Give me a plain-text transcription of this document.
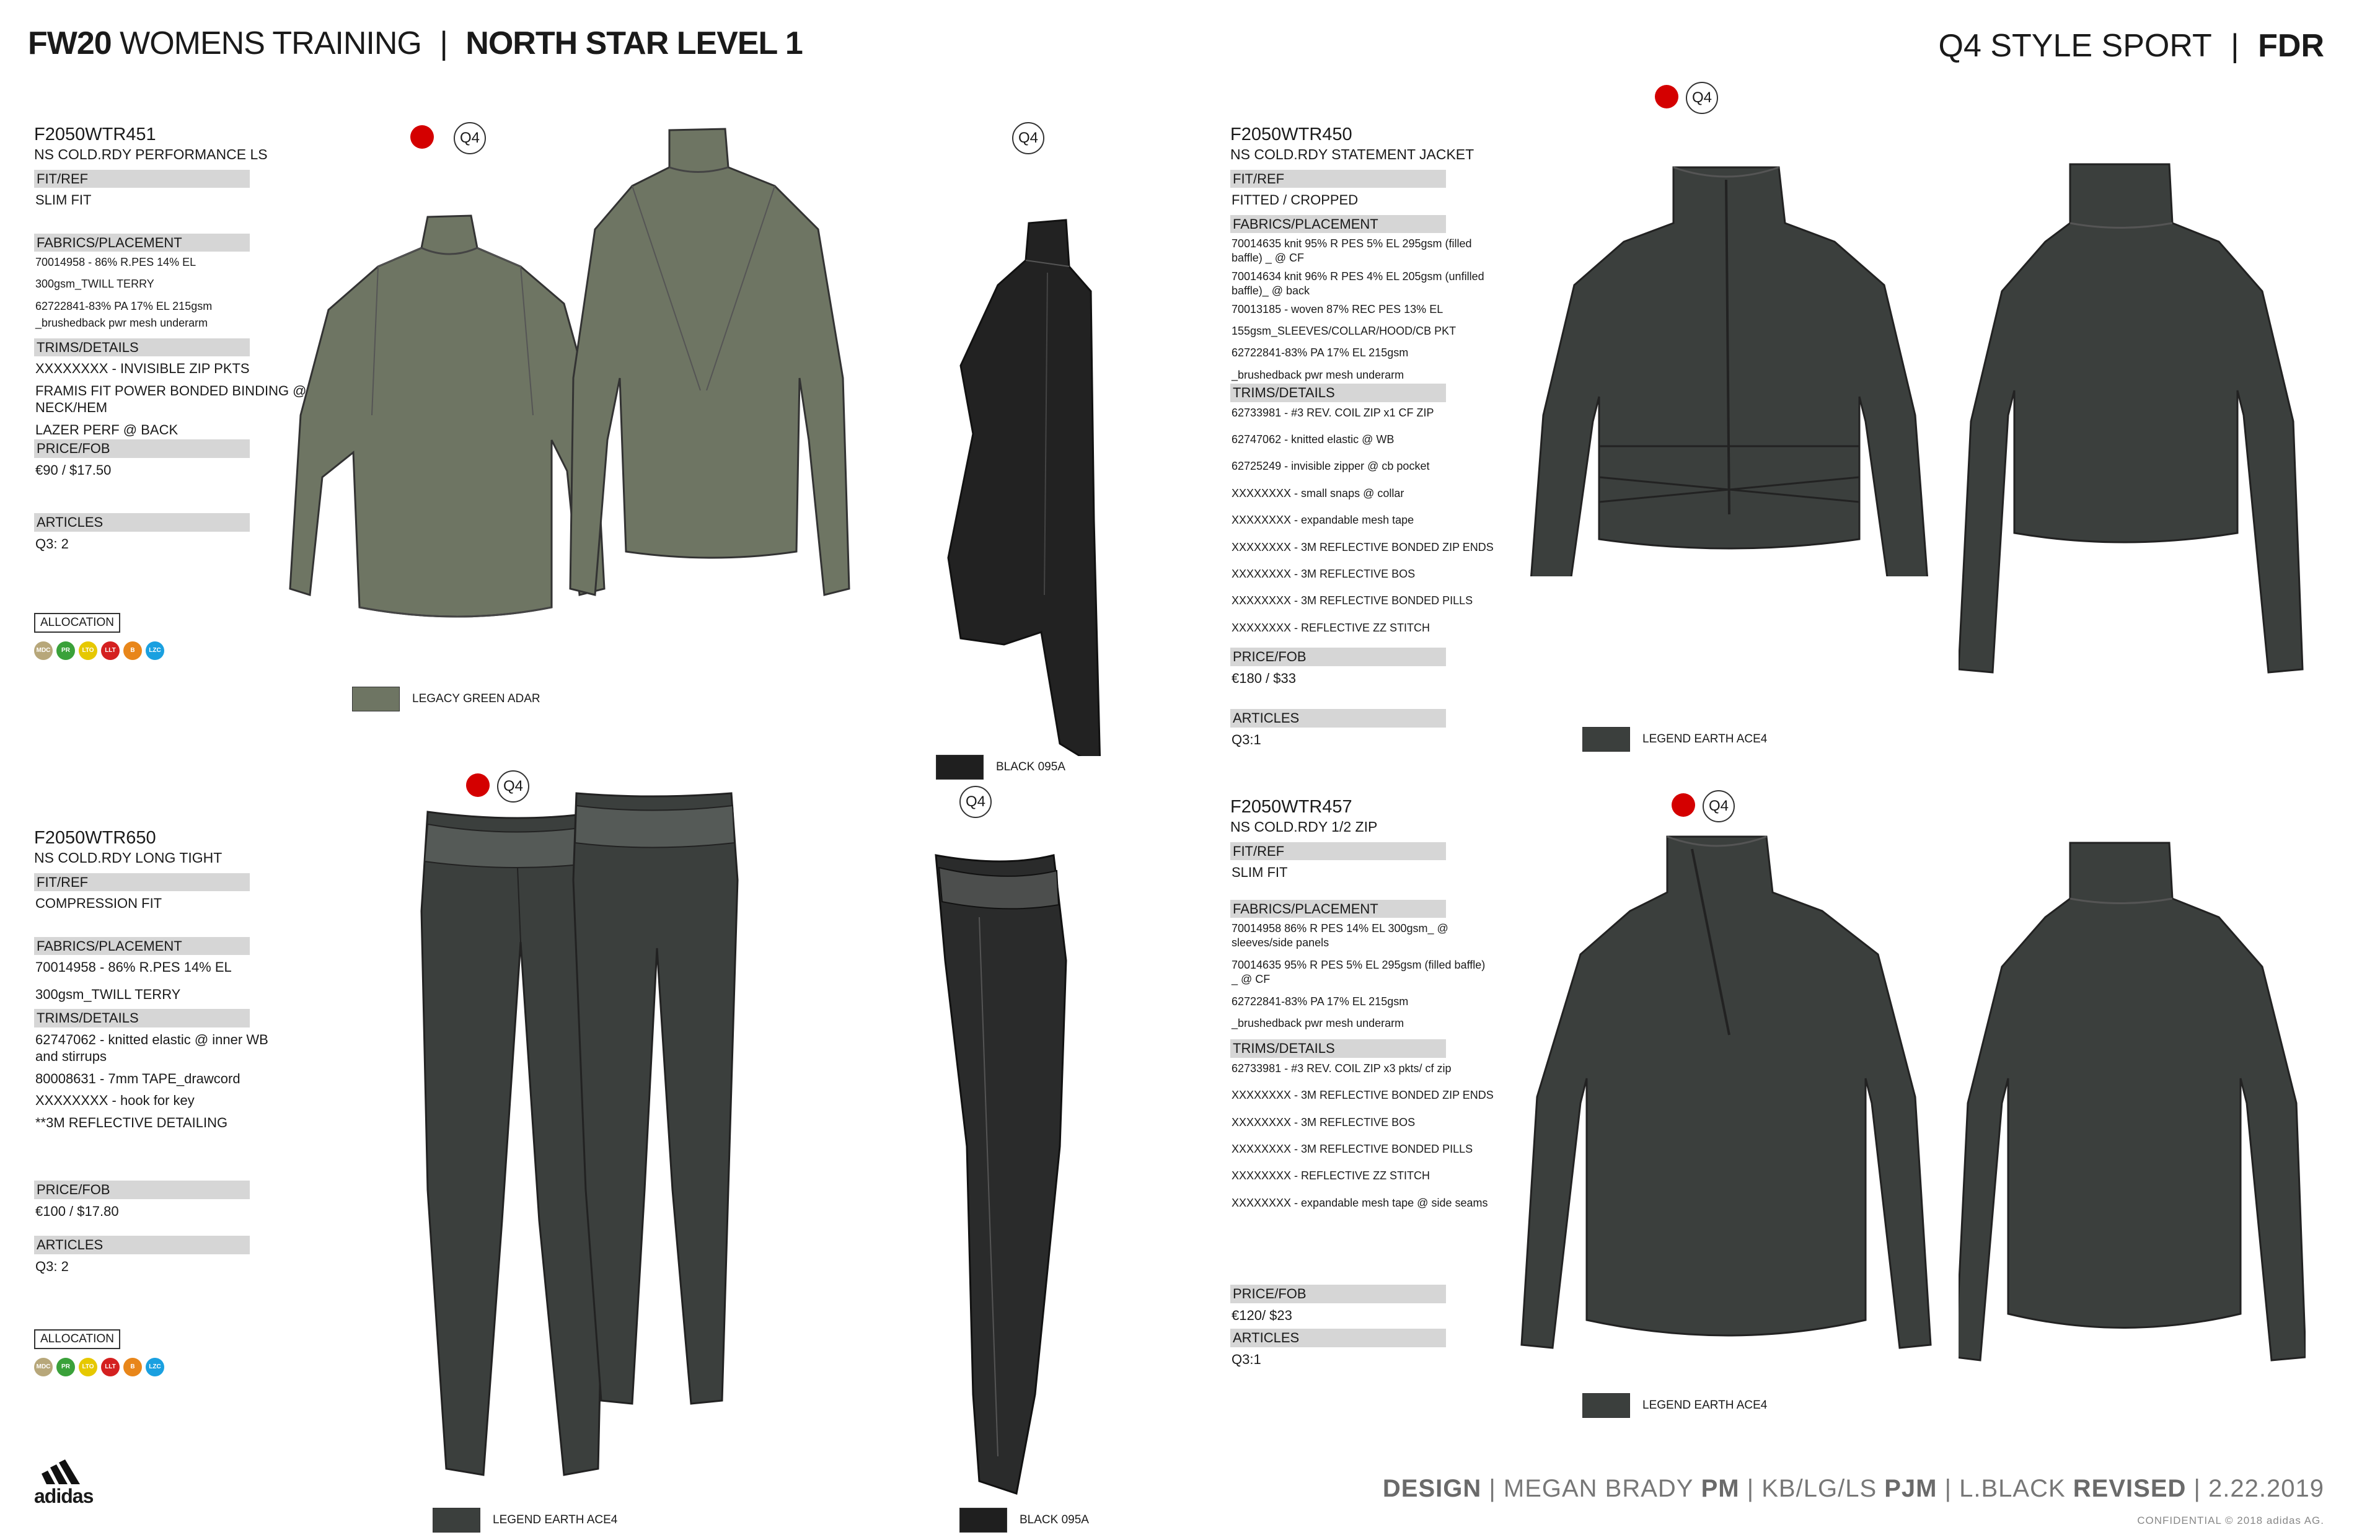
FW20 WOMENS TRAINING | NORTH STAR LEVEL 1	Q4 STYLE SPORT | FDR
F2050WTR451
NS COLD.RDY PERFORMANCE LS
FIT/REF
SLIM FIT
FABRICS/PLACEMENT
70014958 - 86% R.PES 14% EL
300gsm_TWILL TERRY
62722841-83% PA 17% EL 215gsm
_brushedback pwr mesh underarm
TRIMS/DETAILS
XXXXXXXX - INVISIBLE ZIP PKTS
FRAMIS FIT POWER BONDED BINDING @ NECK/HEM
LAZER PERF @ BACK
PRICE/FOB
€90 / $17.50
ARTICLES
Q3: 2
ALLOCATION
MDC	PR	LTO	LLT	B	LZC
F2050WTR650
NS COLD.RDY LONG TIGHT
FIT/REF
COMPRESSION FIT
FABRICS/PLACEMENT
70014958 - 86% R.PES 14% EL
300gsm_TWILL TERRY
TRIMS/DETAILS
62747062 - knitted elastic @ inner WB and stirrups
80008631 - 7mm TAPE_drawcord
XXXXXXXX - hook for key
**3M REFLECTIVE DETAILING
PRICE/FOB
€100 / $17.80
ARTICLES
Q3: 2
ALLOCATION
MDC	PR	LTO	LLT	B	LZC
F2050WTR450
NS COLD.RDY STATEMENT JACKET
FIT/REF
FITTED / CROPPED
FABRICS/PLACEMENT
70014635 knit 95% R PES 5% EL 295gsm (filled baffle) _ @ CF
70014634 knit 96% R PES 4% EL 205gsm (unfilled baffle)_ @ back
70013185 - woven 87% REC PES 13% EL
155gsm_SLEEVES/COLLAR/HOOD/CB PKT
62722841-83% PA 17% EL 215gsm
_brushedback pwr mesh underarm
TRIMS/DETAILS
62733981 - #3 REV. COIL ZIP x1 CF ZIP
62747062 - knitted elastic @ WB
62725249 - invisible zipper @ cb pocket
XXXXXXXX - small snaps @ collar
XXXXXXXX - expandable mesh tape
XXXXXXXX - 3M REFLECTIVE BONDED ZIP ENDS
XXXXXXXX - 3M REFLECTIVE BOS
XXXXXXXX - 3M REFLECTIVE BONDED PILLS
XXXXXXXX - REFLECTIVE ZZ STITCH
PRICE/FOB
€180 / $33
ARTICLES
Q3:1
F2050WTR457
NS COLD.RDY 1/2 ZIP
FIT/REF
SLIM FIT
FABRICS/PLACEMENT
70014958 86% R PES 14% EL 300gsm_ @ sleeves/side panels
70014635 95% R PES 5% EL 295gsm (filled baffle) _ @ CF
62722841-83% PA 17% EL 215gsm
_brushedback pwr mesh underarm
TRIMS/DETAILS
62733981 - #3 REV. COIL ZIP x3 pkts/ cf zip
XXXXXXXX - 3M REFLECTIVE BONDED ZIP ENDS
XXXXXXXX - 3M REFLECTIVE BOS
XXXXXXXX - 3M REFLECTIVE BONDED PILLS
XXXXXXXX - REFLECTIVE ZZ STITCH
XXXXXXXX - expandable mesh tape @ side seams
PRICE/FOB
€120/ $23
ARTICLES
Q3:1
Q4	Q4
Q4
Q4
Q4	Q4
LEGACY GREEN ADAR
BLACK 095A
LEGEND EARTH ACE4
LEGEND EARTH ACE4	BLACK 095A
LEGEND EARTH ACE4
adidas	DESIGN | MEGAN BRADY PM | KB/LG/LS PJM | L.BLACK REVISED | 2.22.2019
CONFIDENTIAL © 2018 adidas AG.
